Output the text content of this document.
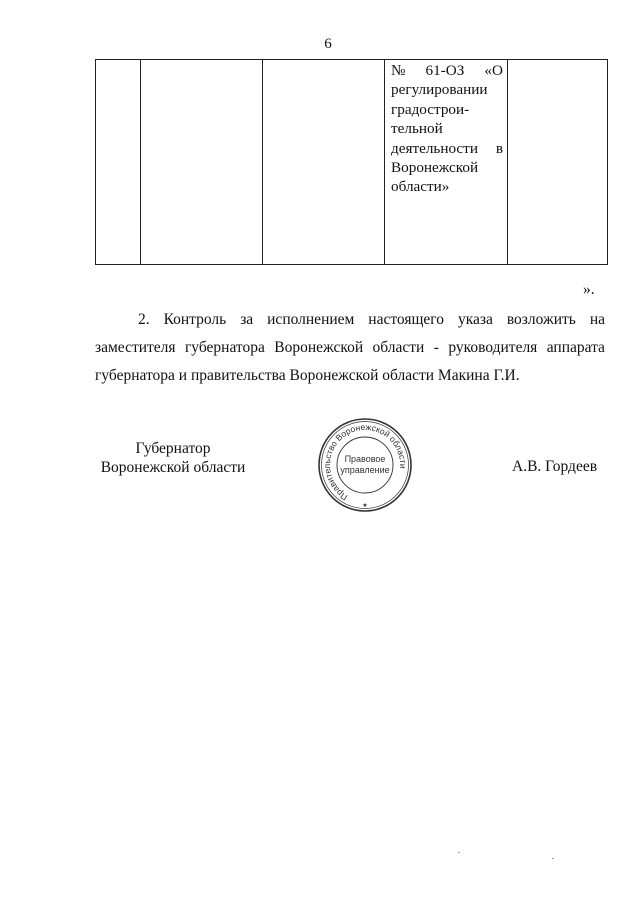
6

№ 61-ОЗ «О
регулировании
градострои-
тельной
деятельности в
Воронежской
области»

».
2. Контроль за исполнением настоящего указа возложить на
заместителя губернатора Воронежской области - руководителя аппарата
губернатора и правительства Воронежской области Макина Г.И.
Губернатор
Воронежской области
Правительство Воронежской области
Правовое
управление
★
А.В. Гордеев
